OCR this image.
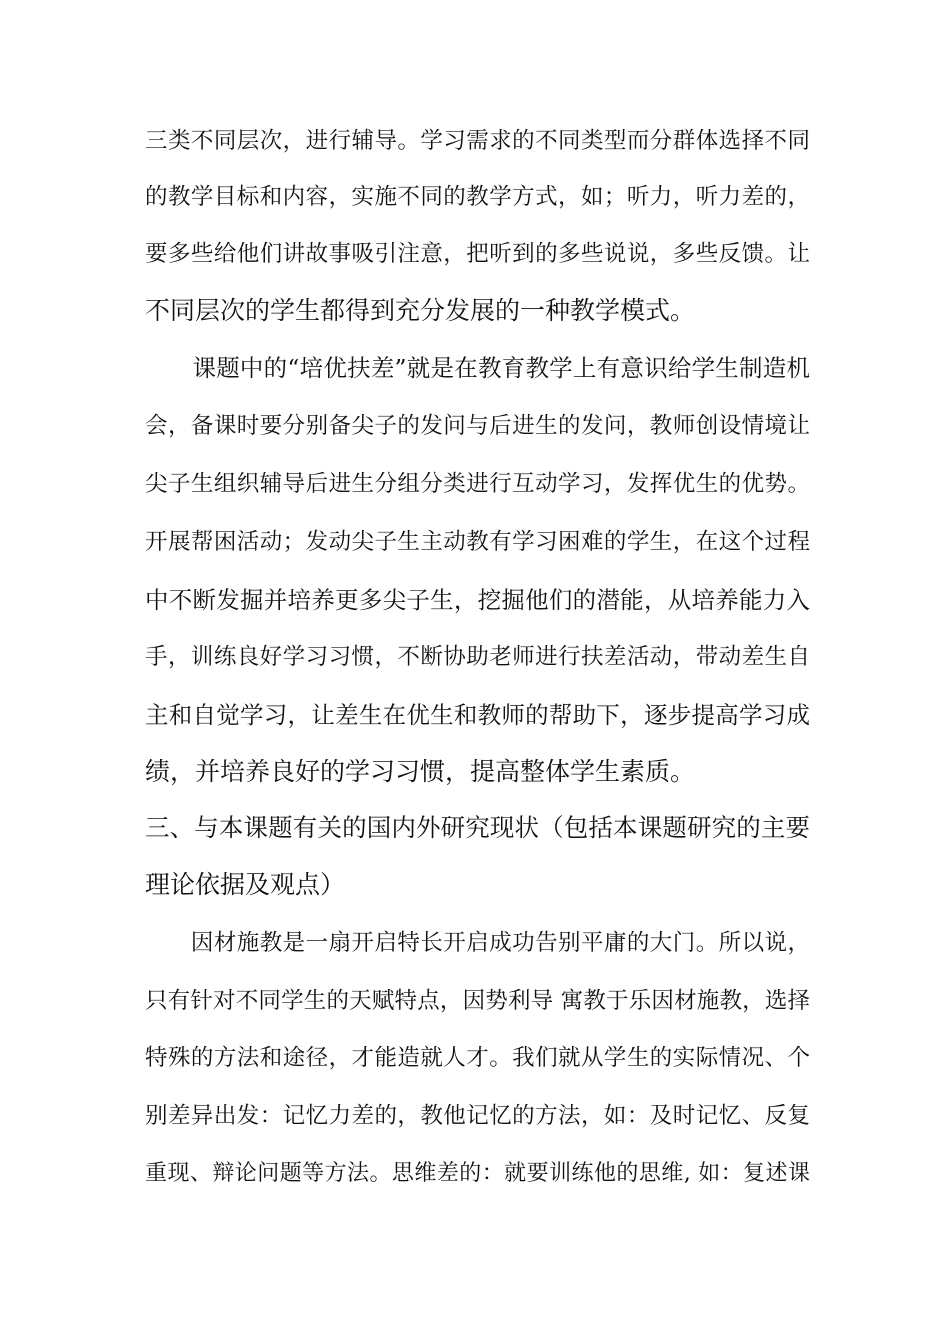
三类不同层次，进行辅导。学习需求的不同类型而分群体选择不同
的教学目标和内容，实施不同的教学方式，如；听力，听力差的，
要多些给他们讲故事吸引注意，把听到的多些说说，多些反馈。让
不同层次的学生都得到充分发展的一种教学模式。
　　课题中的“培优扶差”就是在教育教学上有意识给学生制造机
会，备课时要分别备尖子的发问与后进生的发问，教师创设情境让
尖子生组织辅导后进生分组分类进行互动学习，发挥优生的优势。
开展帮困活动；发动尖子生主动教有学习困难的学生，在这个过程
中不断发掘并培养更多尖子生，挖掘他们的潜能，从培养能力入
手，训练良好学习习惯，不断协助老师进行扶差活动，带动差生自
主和自觉学习，让差生在优生和教师的帮助下，逐步提高学习成
绩，并培养良好的学习习惯，提高整体学生素质。
三、与本课题有关的国内外研究现状（包括本课题研究的主要
理论依据及观点）
　　因材施教是一扇开启特长开启成功告别平庸的大门。所以说，
只有针对不同学生的天赋特点，因势利导 寓教于乐因材施教，选择
特殊的方法和途径，才能造就人才。我们就从学生的实际情况、个
别差异出发：记忆力差的，教他记忆的方法，如：及时记忆、反复
重现、辩论问题等方法。思维差的：就要训练他的思维, 如：复述课
